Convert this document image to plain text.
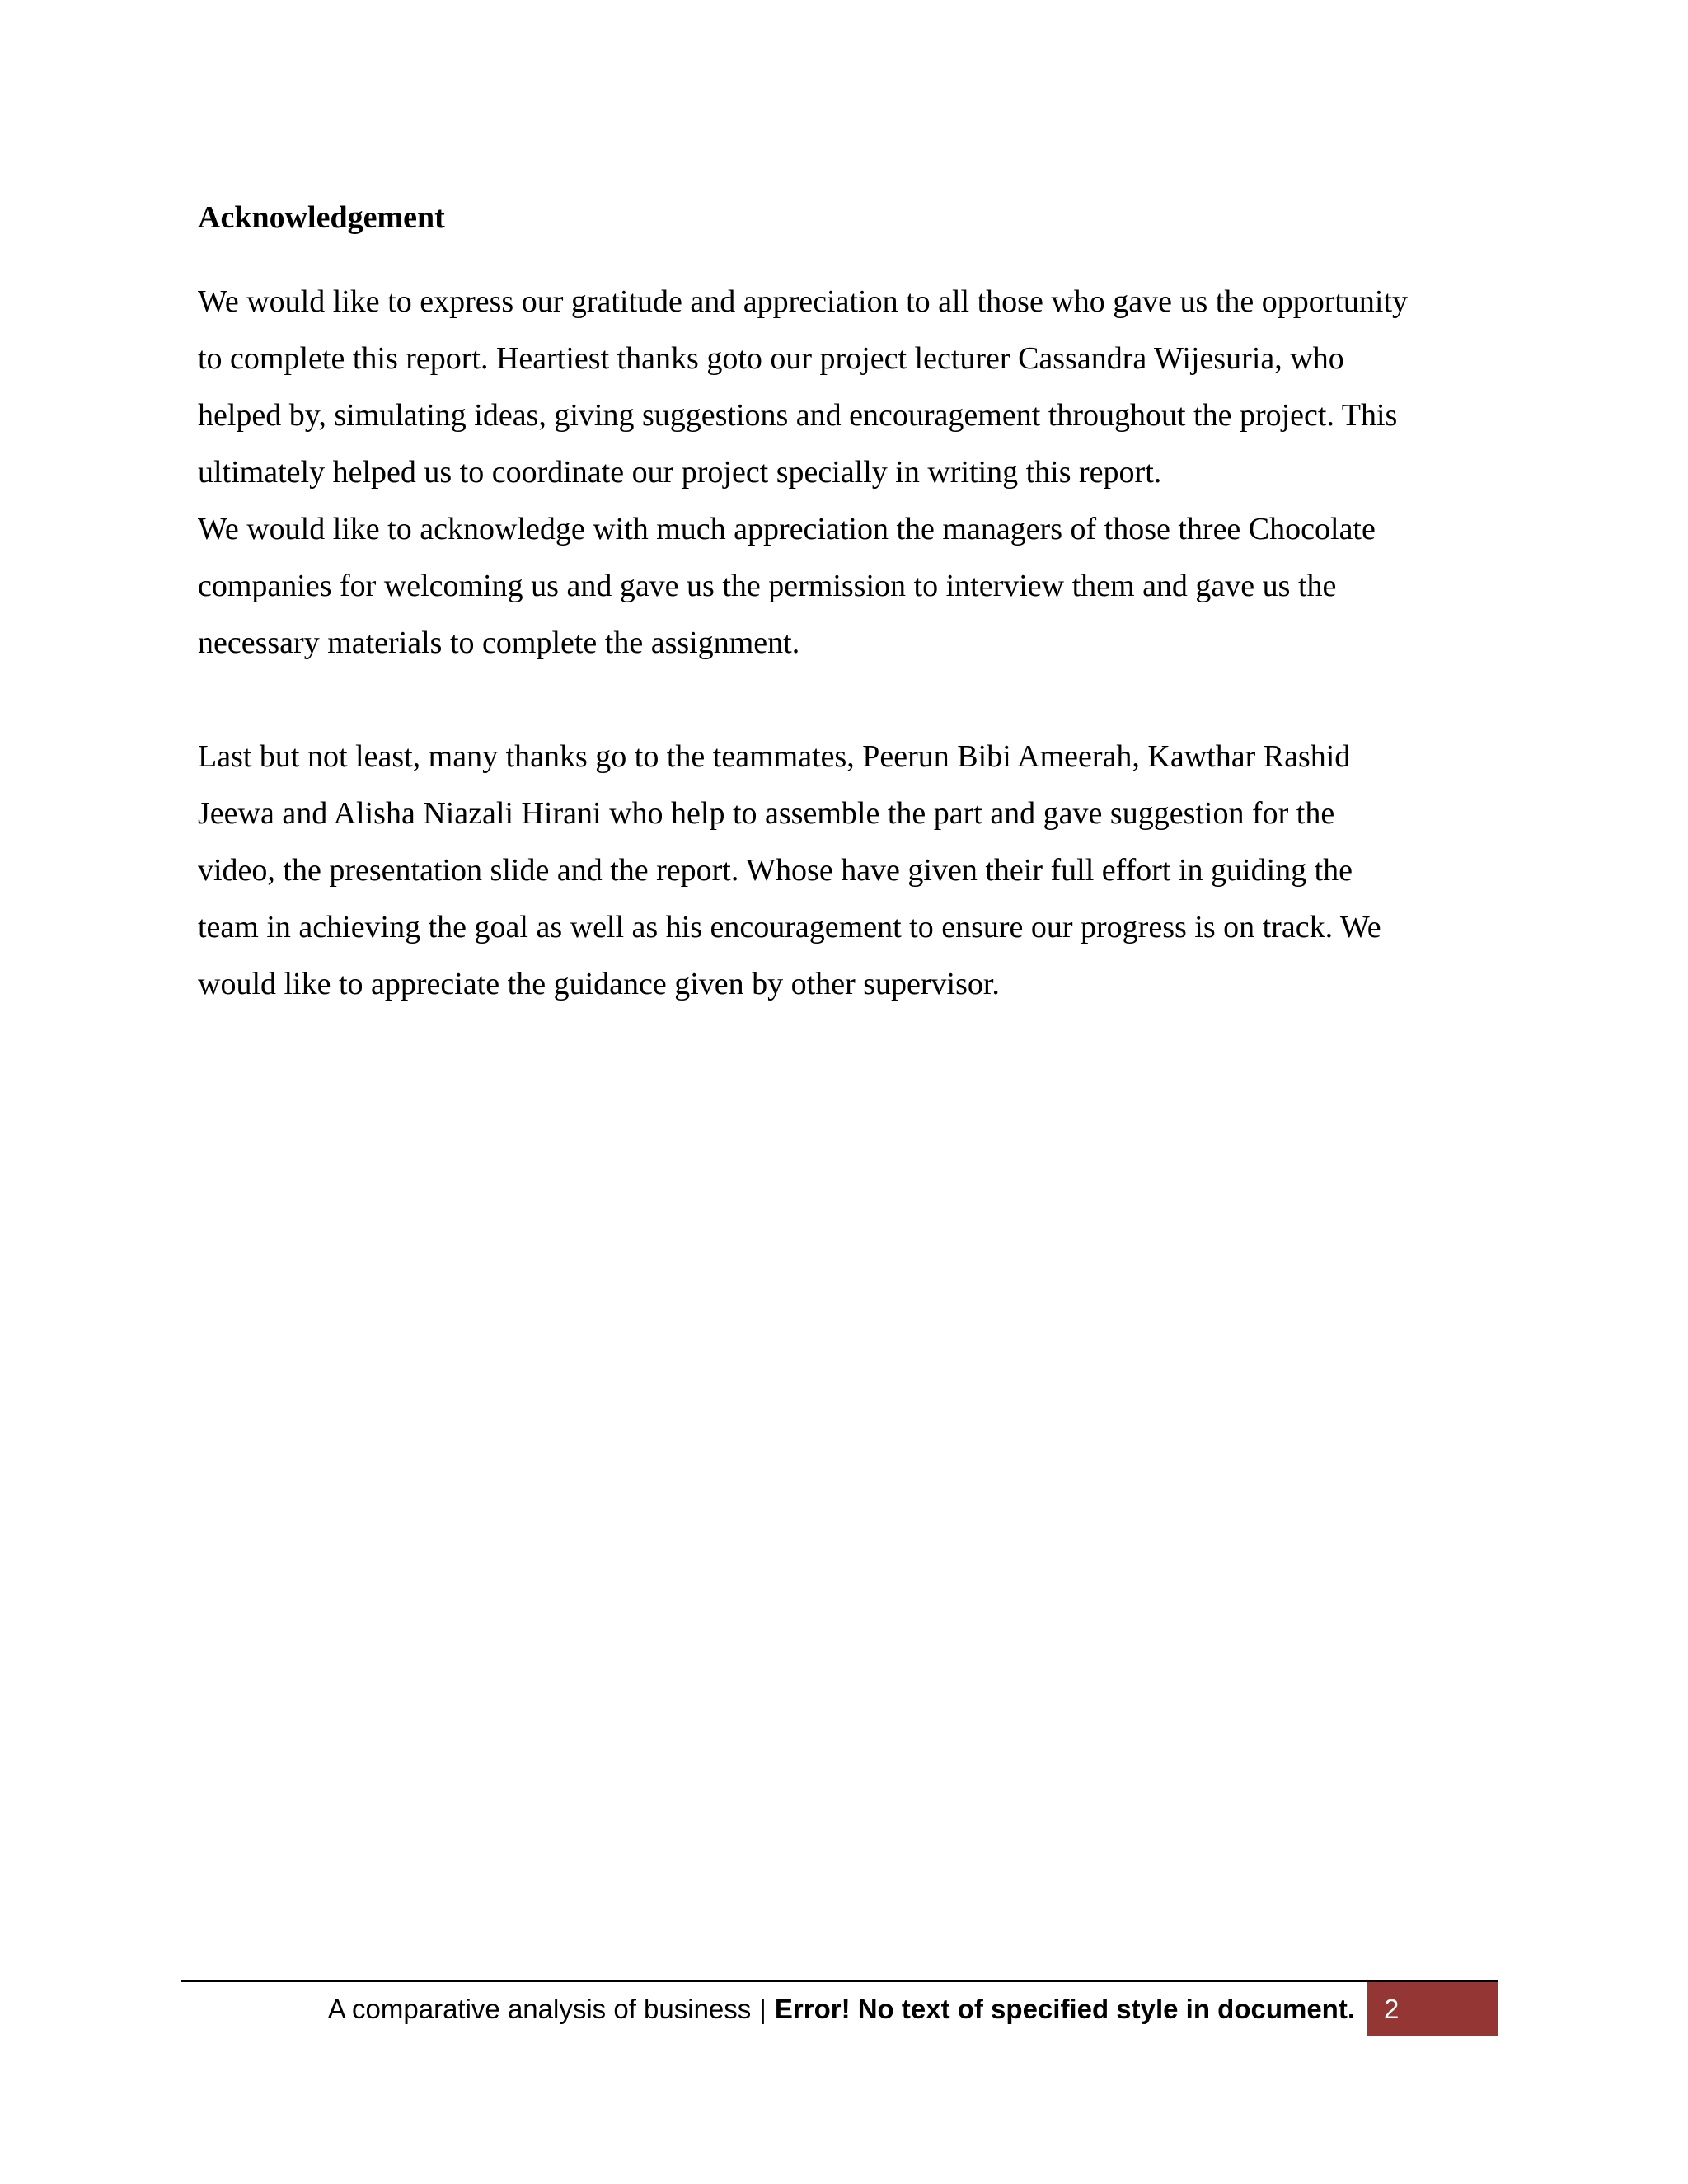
Acknowledgement

We would like to express our gratitude and appreciation to all those who gave us the opportunity
to complete this report. Heartiest thanks goto our project lecturer Cassandra Wijesuria, who
helped by, simulating ideas, giving suggestions and encouragement throughout the project. This
ultimately helped us to coordinate our project specially in writing this report.
We would like to acknowledge with much appreciation the managers of those three Chocolate
companies for welcoming us and gave us the permission to interview them and gave us the
necessary materials to complete the assignment.

Last but not least, many thanks go to the teammates, Peerun Bibi Ameerah, Kawthar Rashid
Jeewa and Alisha Niazali Hirani who help to assemble the part and gave suggestion for the
video, the presentation slide and the report. Whose have given their full effort in guiding the
team in achieving the goal as well as his encouragement to ensure our progress is on track. We
would like to appreciate the guidance given by other supervisor.

A comparative analysis of business | Error! No text of specified style in document.	2
